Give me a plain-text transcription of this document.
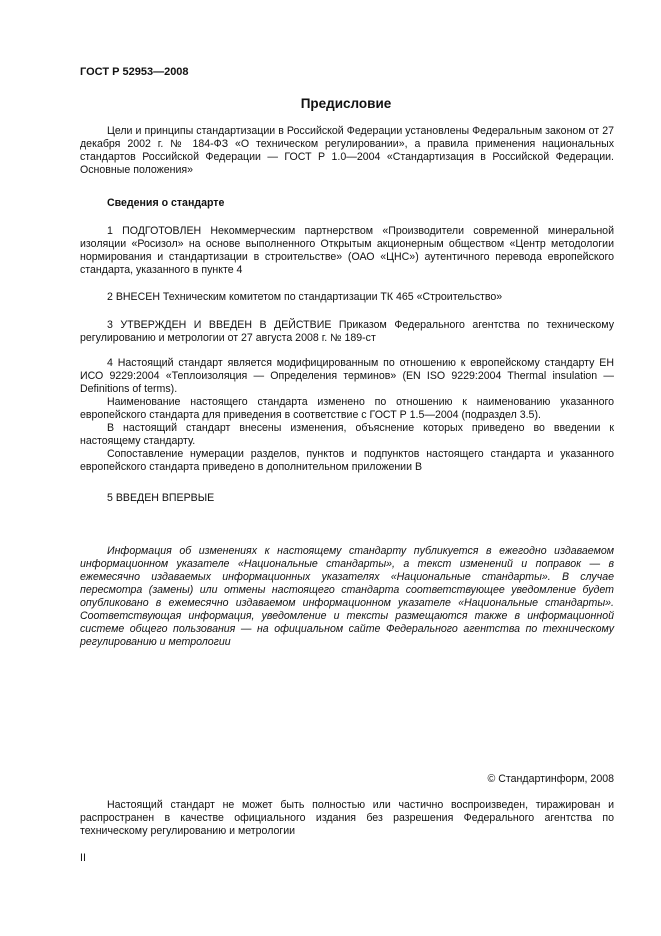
ГОСТ Р 52953—2008
Предисловие

Цели и принципы стандартизации в Российской Федерации установлены Федеральным законом от 27 декабря 2002 г. № 184-ФЗ «О техническом регулировании», а правила применения национальных стандартов Российской Федерации — ГОСТ Р 1.0—2004 «Стандартизация в Российской Федерации. Основные положения»

Сведения о стандарте

1 ПОДГОТОВЛЕН Некоммерческим партнерством «Производители современной минеральной изоляции «Росизол» на основе выполненного Открытым акционерным обществом «Центр методологии нормирования и стандартизации в строительстве» (ОАО «ЦНС») аутентичного перевода европейского стандарта, указанного в пункте 4

2 ВНЕСЕН Техническим комитетом по стандартизации ТК 465 «Строительство»

3 УТВЕРЖДЕН И ВВЕДЕН В ДЕЙСТВИЕ Приказом Федерального агентства по техническому регулированию и метрологии от 27 августа 2008 г. № 189-ст

4 Настоящий стандарт является модифицированным по отношению к европейскому стандарту ЕН ИСО 9229:2004 «Теплоизоляция — Определения терминов» (EN ISO 9229:2004 Thermal insulation — Definitions of terms).

Наименование настоящего стандарта изменено по отношению к наименованию указанного европейского стандарта для приведения в соответствие с ГОСТ Р 1.5—2004 (подраздел 3.5).

В настоящий стандарт внесены изменения, объяснение которых приведено во введении к настоящему стандарту.

Сопоставление нумерации разделов, пунктов и подпунктов настоящего стандарта и указанного европейского стандарта приведено в дополнительном приложении В

5 ВВЕДЕН ВПЕРВЫЕ

Информация об изменениях к настоящему стандарту публикуется в ежегодно издаваемом информационном указателе «Национальные стандарты», а текст изменений и поправок — в ежемесячно издаваемых информационных указателях «Национальные стандарты». В случае пересмотра (замены) или отмены настоящего стандарта соответствующее уведомление будет опубликовано в ежемесячно издаваемом информационном указателе «Национальные стандарты». Соответствующая информация, уведомление и тексты размещаются также в информационной системе общего пользования — на официальном сайте Федерального агентства по техническому регулированию и метрологии

© Стандартинформ, 2008

Настоящий стандарт не может быть полностью или частично воспроизведен, тиражирован и распространен в качестве официального издания без разрешения Федерального агентства по техническому регулированию и метрологии

II
